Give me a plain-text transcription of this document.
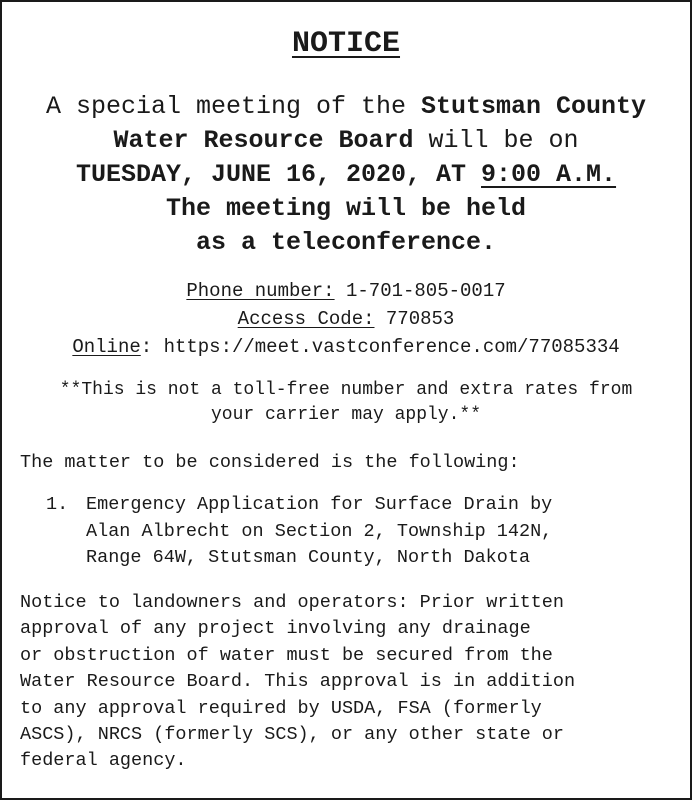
NOTICE
A special meeting of the Stutsman County
Water Resource Board will be on
TUESDAY, JUNE 16, 2020, AT 9:00 A.M.
The meeting will be held
as a teleconference.
Phone number: 1-701-805-0017
Access Code: 770853
Online: https://meet.vastconference.com/77085334
**This is not a toll-free number and extra rates from
your carrier may apply.**
The matter to be considered is the following:
1. Emergency Application for Surface Drain by
Alan Albrecht on Section 2, Township 142N,
Range 64W, Stutsman County, North Dakota
Notice to landowners and operators: Prior written
approval of any project involving any drainage
or obstruction of water must be secured from the
Water Resource Board. This approval is in addition
to any approval required by USDA, FSA (formerly
ASCS), NRCS (formerly SCS), or any other state or
federal agency.
